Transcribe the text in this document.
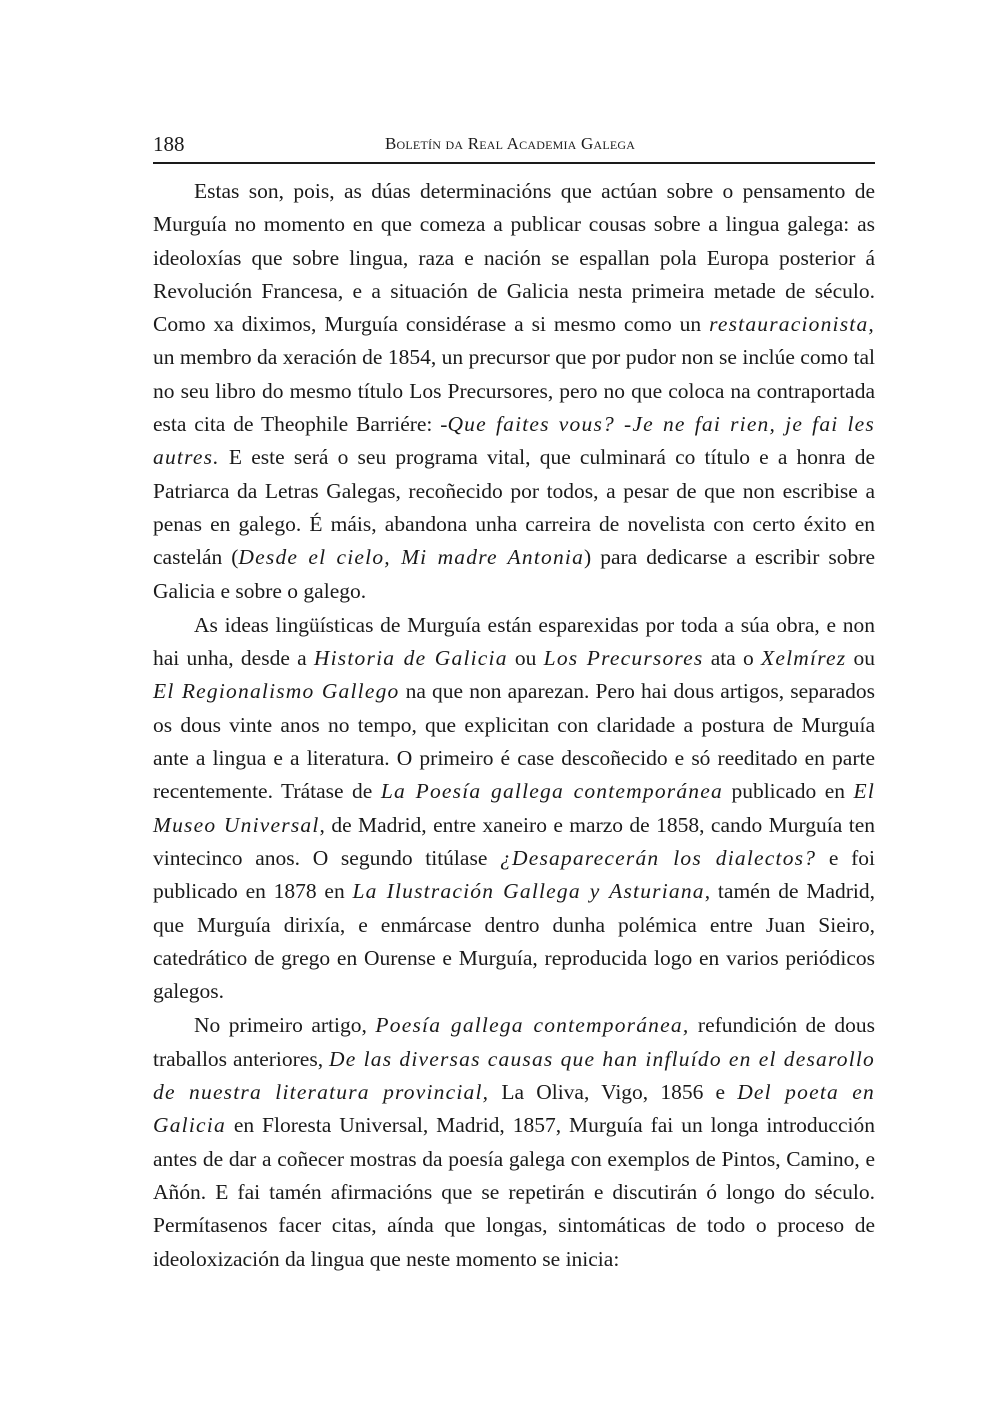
188	Boletín da Real Academia Galega

Estas son, pois, as dúas determinacións que actúan sobre o pensamento de Murguía no momento en que comeza a publicar cousas sobre a lingua galega: as ideoloxías que sobre lingua, raza e nación se espallan pola Europa posterior á Revolución Francesa, e a situación de Galicia nesta primeira metade de século. Como xa diximos, Murguía considérase a si mesmo como un restauracionista, un membro da xeración de 1854, un precursor que por pudor non se inclúe como tal no seu libro do mesmo título Los Precursores, pero no que coloca na contraportada esta cita de Theophile Barriére: -Que faites vous? -Je ne fai rien, je fai les autres. E este será o seu programa vital, que culminará co título e a honra de Patriarca da Letras Galegas, recoñecido por todos, a pesar de que non escribise a penas en galego. É máis, abandona unha carreira de novelista con certo éxito en castelán (Desde el cielo, Mi madre Antonia) para dedicarse a escribir sobre Galicia e sobre o galego.

As ideas lingüísticas de Murguía están esparexidas por toda a súa obra, e non hai unha, desde a Historia de Galicia ou Los Precursores ata o Xelmírez ou El Regionalismo Gallego na que non aparezan. Pero hai dous artigos, separados os dous vinte anos no tempo, que explicitan con claridade a postura de Murguía ante a lingua e a literatura. O primeiro é case descoñecido e só reeditado en parte recentemente. Trátase de La Poesía gallega contemporánea publicado en El Museo Universal, de Madrid, entre xaneiro e marzo de 1858, cando Murguía ten vintecinco anos. O segundo titúlase ¿Desaparecerán los dialectos? e foi publicado en 1878 en La Ilustración Gallega y Asturiana, tamén de Madrid, que Murguía dirixía, e enmárcase dentro dunha polémica entre Juan Sieiro, catedrático de grego en Ourense e Murguía, reproducida logo en varios periódicos galegos.

No primeiro artigo, Poesía gallega contemporánea, refundición de dous traballos anteriores, De las diversas causas que han influído en el desarollo de nuestra literatura provincial, La Oliva, Vigo, 1856 e Del poeta en Galicia en Floresta Universal, Madrid, 1857, Murguía fai un longa introducción antes de dar a coñecer mostras da poesía galega con exemplos de Pintos, Camino, e Añón. E fai tamén afirmacións que se repetirán e discutirán ó longo do século. Permítasenos facer citas, aínda que longas, sintomáticas de todo o proceso de ideoloxización da lingua que neste momento se inicia:
